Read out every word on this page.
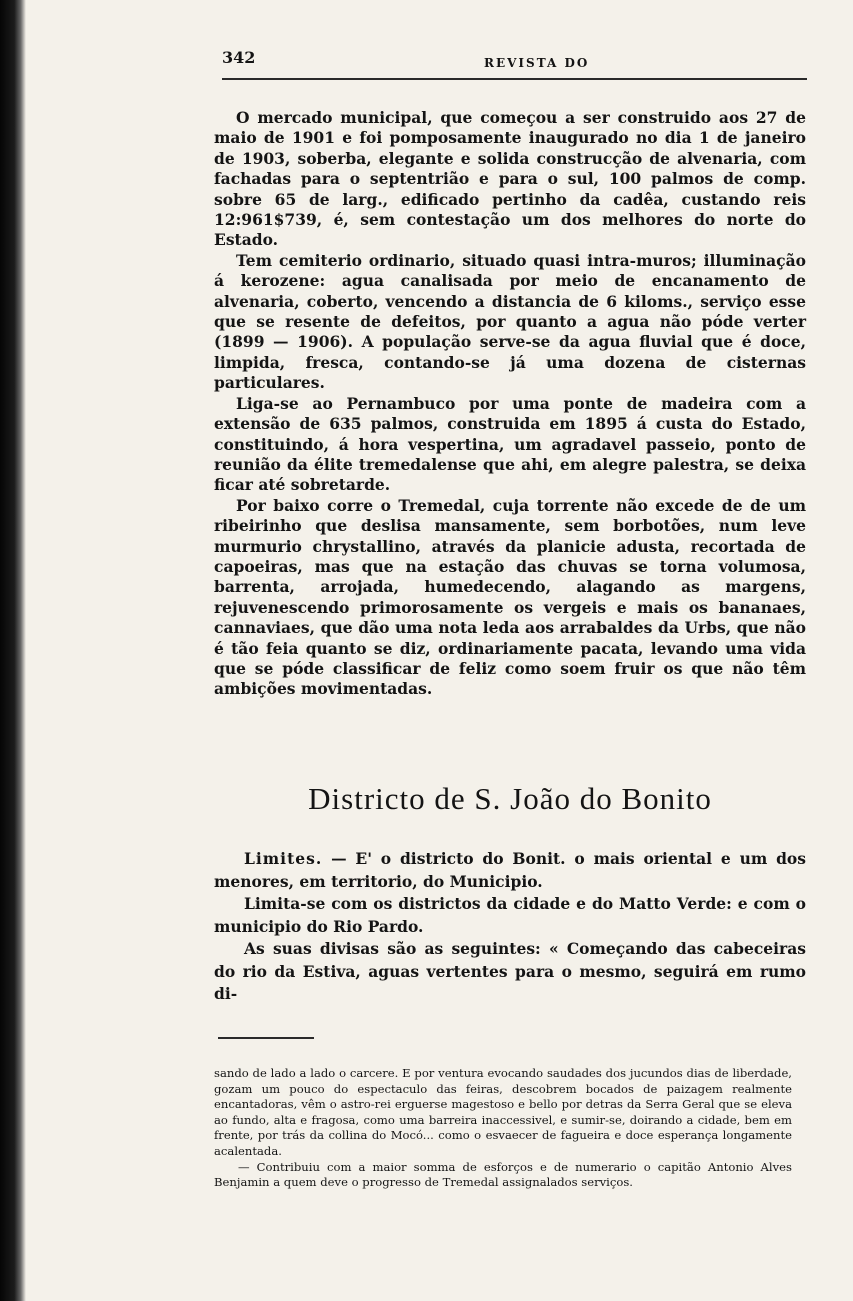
342	REVISTA DO

O mercado municipal, que começou a ser construido aos 27 de maio de 1901 e foi pomposamente inaugurado no dia 1 de janeiro de 1903, soberba, elegante e solida construcção de alvenaria, com fachadas para o septentrião e para o sul, 100 palmos de comp. sobre 65 de larg., edificado pertinho da cadêa, custando reis 12:961$739, é, sem contestação um dos melhores do norte do Estado.

Tem cemiterio ordinario, situado quasi intra-muros; illuminação á kerozene: agua canalisada por meio de encanamento de alvenaria, coberto, vencendo a distancia de 6 kiloms., serviço esse que se resente de defeitos, por quanto a agua não póde verter (1899 — 1906). A população serve-se da agua fluvial que é doce, limpida, fresca, contando-se já uma dozena de cisternas particulares.

Liga-se ao Pernambuco por uma ponte de madeira com a extensão de 635 palmos, construida em 1895 á custa do Estado, constituindo, á hora vespertina, um agradavel passeio, ponto de reunião da élite tremedalense que ahi, em alegre palestra, se deixa ficar até sobretarde.

Por baixo corre o Tremedal, cuja torrente não excede de de um ribeirinho que deslisa mansamente, sem borbotões, num leve murmurio chrystallino, através da planicie adusta, recortada de capoeiras, mas que na estação das chuvas se torna volumosa, barrenta, arrojada, humedecendo, alagando as margens, rejuvenescendo primorosamente os vergeis e mais os bananaes, cannaviaes, que dão uma nota leda aos arrabaldes da Urbs, que não é tão feia quanto se diz, ordinariamente pacata, levando uma vida que se póde classificar de feliz como soem fruir os que não têm ambições movimentadas.

Districto de S. João do Bonito

Limites. — E' o districto do Bonit. o mais oriental e um dos menores, em territorio, do Municipio.

Limita-se com os districtos da cidade e do Matto Verde: e com o municipio do Rio Pardo.

As suas divisas são as seguintes: « Começando das cabeceiras do rio da Estiva, aguas vertentes para o mesmo, seguirá em rumo di-

sando de lado a lado o carcere. E por ventura evocando saudades dos jucundos dias de liberdade, gozam um pouco do espectaculo das feiras, descobrem bocados de paizagem realmente encantadoras, vêm o astro-rei erguerse magestoso e bello por detras da Serra Geral que se eleva ao fundo, alta e fragosa, como uma barreira inaccessivel, e sumir-se, doirando a cidade, bem em frente, por trás da collina do Mocó... como o esvaecer de fagueira e doce esperança longamente acalentada.

— Contribuiu com a maior somma de esforços e de numerario o capitão Antonio Alves Benjamin a quem deve o progresso de Tremedal assignalados serviços.
